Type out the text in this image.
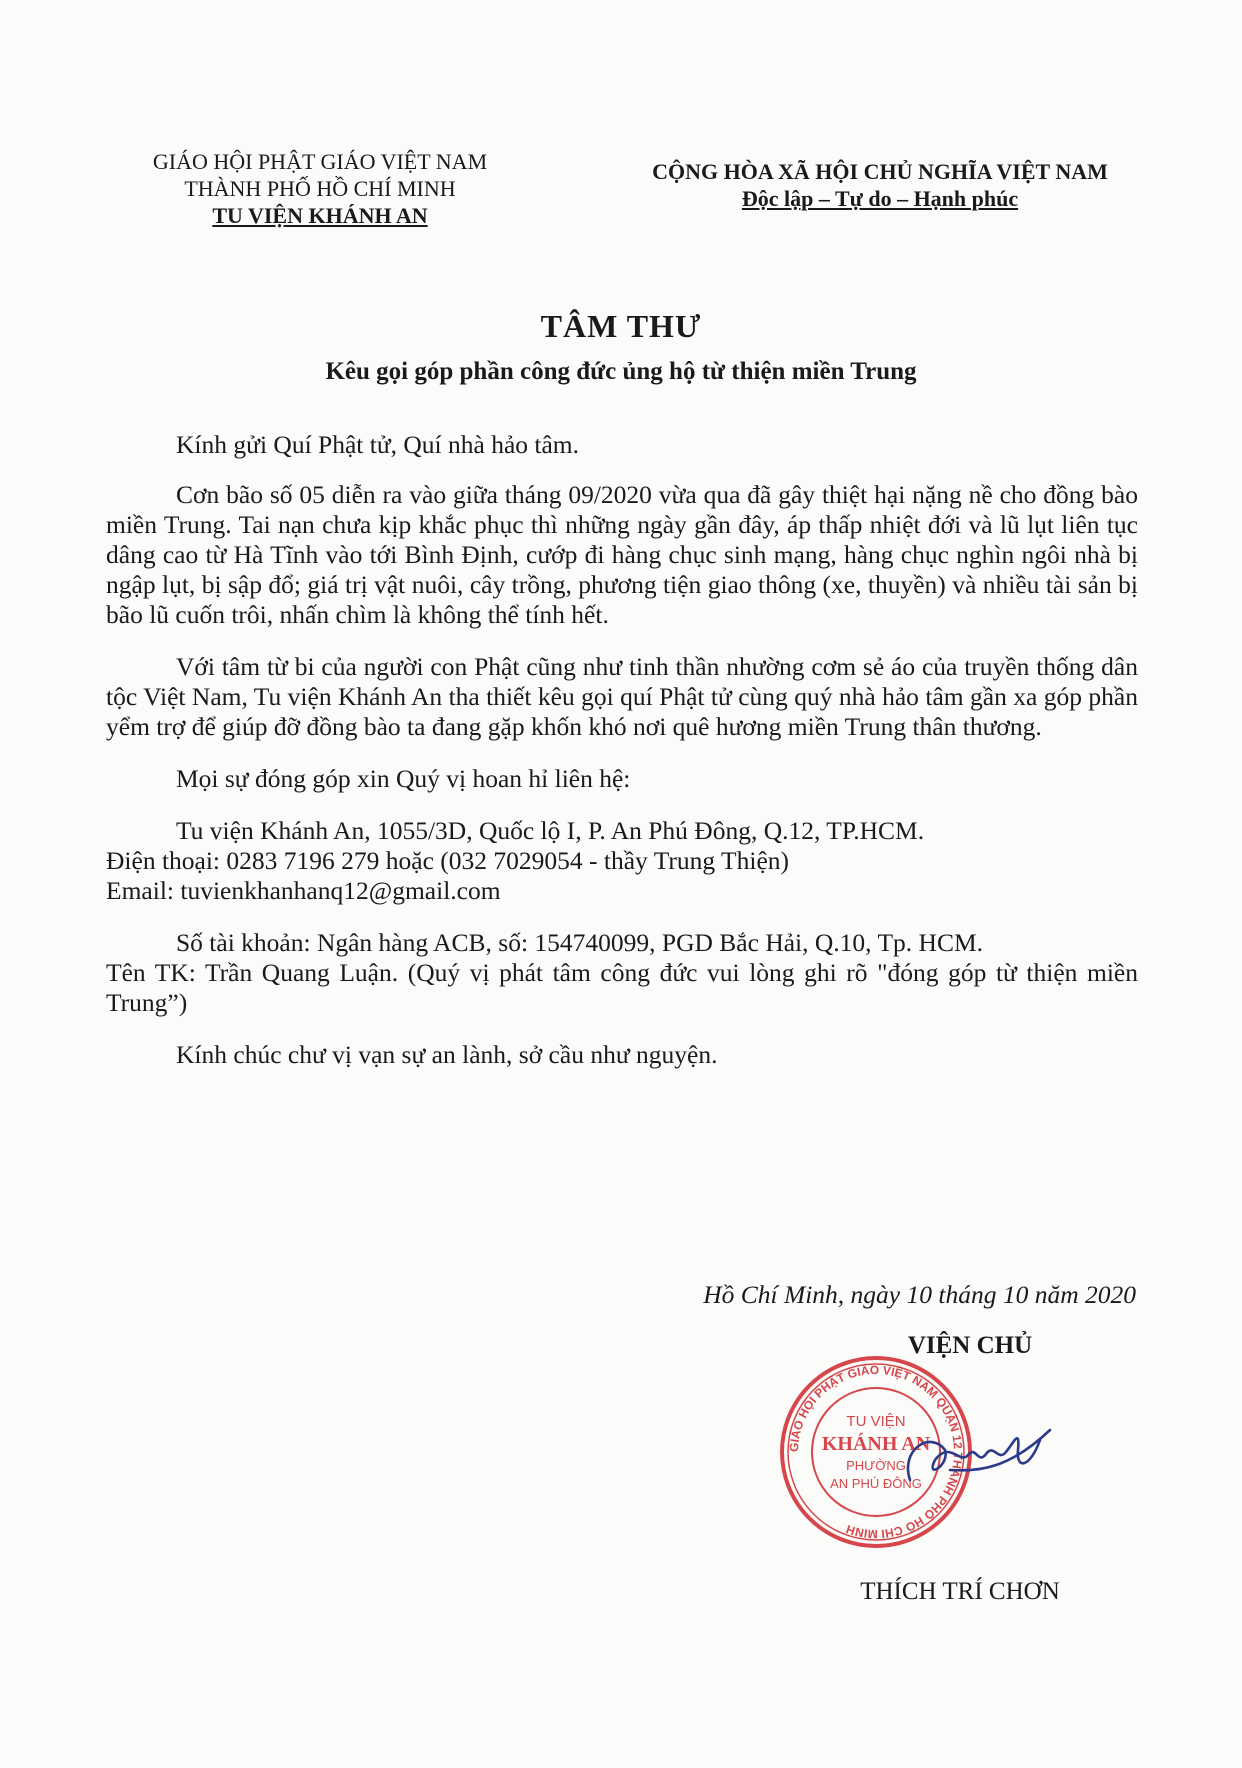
GIÁO HỘI PHẬT GIÁO VIỆT NAM
THÀNH PHỐ HỒ CHÍ MINH
TU VIỆN KHÁNH AN
CỘNG HÒA XÃ HỘI CHỦ NGHĨA VIỆT NAM
Độc lập – Tự do – Hạnh phúc
TÂM THƯ
Kêu gọi góp phần công đức ủng hộ từ thiện miền Trung

Kính gửi Quí Phật tử, Quí nhà hảo tâm.

Cơn bão số 05 diễn ra vào giữa tháng 09/2020 vừa qua đã gây thiệt hại nặng nề cho đồng bào miền Trung. Tai nạn chưa kịp khắc phục thì những ngày gần đây, áp thấp nhiệt đới và lũ lụt liên tục dâng cao từ Hà Tĩnh vào tới Bình Định, cướp đi hàng chục sinh mạng, hàng chục nghìn ngôi nhà bị ngập lụt, bị sập đổ; giá trị vật nuôi, cây trồng, phương tiện giao thông (xe, thuyền) và nhiều tài sản bị bão lũ cuốn trôi, nhấn chìm là không thể tính hết.

Với tâm từ bi của người con Phật cũng như tinh thần nhường cơm sẻ áo của truyền thống dân tộc Việt Nam, Tu viện Khánh An tha thiết kêu gọi quí Phật tử cùng quý nhà hảo tâm gần xa góp phần yểm trợ để giúp đỡ đồng bào ta đang gặp khốn khó nơi quê hương miền Trung thân thương.

Mọi sự đóng góp xin Quý vị hoan hỉ liên hệ:

Tu viện Khánh An, 1055/3D, Quốc lộ I, P. An Phú Đông, Q.12, TP.HCM.

Điện thoại: 0283 7196 279 hoặc (032 7029054 - thầy Trung Thiện)

Email: tuvienkhanhanq12@gmail.com

Số tài khoản: Ngân hàng ACB, số: 154740099, PGD Bắc Hải, Q.10, Tp. HCM.

Tên TK: Trần Quang Luận. (Quý vị phát tâm công đức vui lòng ghi rõ "đóng góp từ thiện miền Trung”)

Kính chúc chư vị vạn sự an lành, sở cầu như nguyện.

Hồ Chí Minh, ngày 10 tháng 10 năm 2020
VIỆN CHỦ
GIÁO HỘI PHẬT GIÁO VIỆT NAM QUẬN 12 THÀNH PHỐ HỒ CHÍ MINH
TU VIỆN
KHÁNH AN
PHƯỜNG
AN PHÚ ĐÔNG
THÍCH TRÍ CHƠN
